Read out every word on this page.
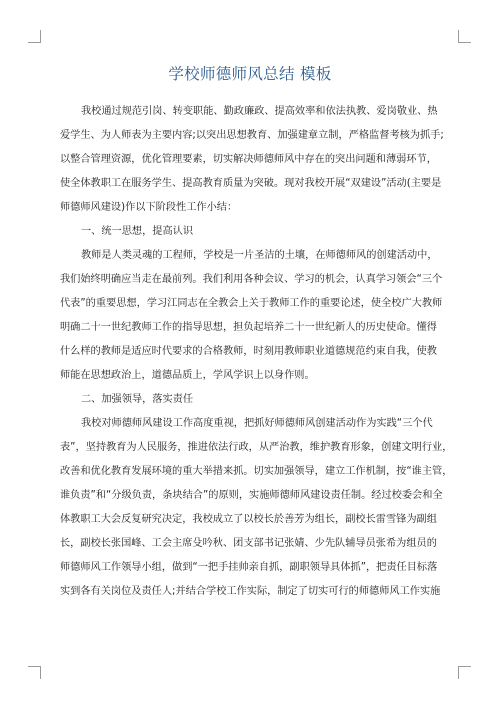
学校师德师风总结 模板
我校通过规范引岗、转变职能、勤政廉政、提高效率和依法执教、爱岗敬业、热
爱学生、为人师表为主要内容;以突出思想教育、加强建章立制，严格监督考核为抓手;
以整合管理资源，优化管理要素，切实解决师德师风中存在的突出问题和薄弱环节，
使全体教职工在服务学生、提高教育质量为突破。现对我校开展“双建设”活动(主要是
师德师风建设)作以下阶段性工作小结：
一、统一思想，提高认识
教师是人类灵魂的工程师，学校是一片圣洁的土壤，在师德师风的创建活动中，
我们始终明确应当走在最前列。我们利用各种会议、学习的机会，认真学习领会“三个
代表”的重要思想，学习江同志在全教会上关于教师工作的重要论述，使全校广大教师
明确二十一世纪教师工作的指导思想，担负起培养二十一世纪新人的历史使命。懂得
什么样的教师是适应时代要求的合格教师，时刻用教师职业道德规范约束自我，使教
师能在思想政治上，道德品质上，学风学识上以身作则。
二、加强领导，落实责任
我校对师德师风建设工作高度重视，把抓好师德师风创建活动作为实践“三个代
表”，坚持教育为人民服务，推进依法行政，从严治教，维护教育形象，创建文明行业，
改善和优化教育发展环境的重大举措来抓。切实加强领导，建立工作机制，按“谁主管，
谁负责”和“分级负责，条块结合”的原则，实施师德师风建设责任制。经过校委会和全
体教职工大会反复研究决定，我校成立了以校长於善芳为组长，副校长雷雪锋为副组
长，副校长张国峰、工会主席殳吟秋、团支部书记张婧、少先队辅导员张希为组员的
师德师风工作领导小组，做到“一把手挂帅亲自抓，副职领导具体抓”，把责任目标落
实到各有关岗位及责任人;并结合学校工作实际，制定了切实可行的师德师风工作实施
